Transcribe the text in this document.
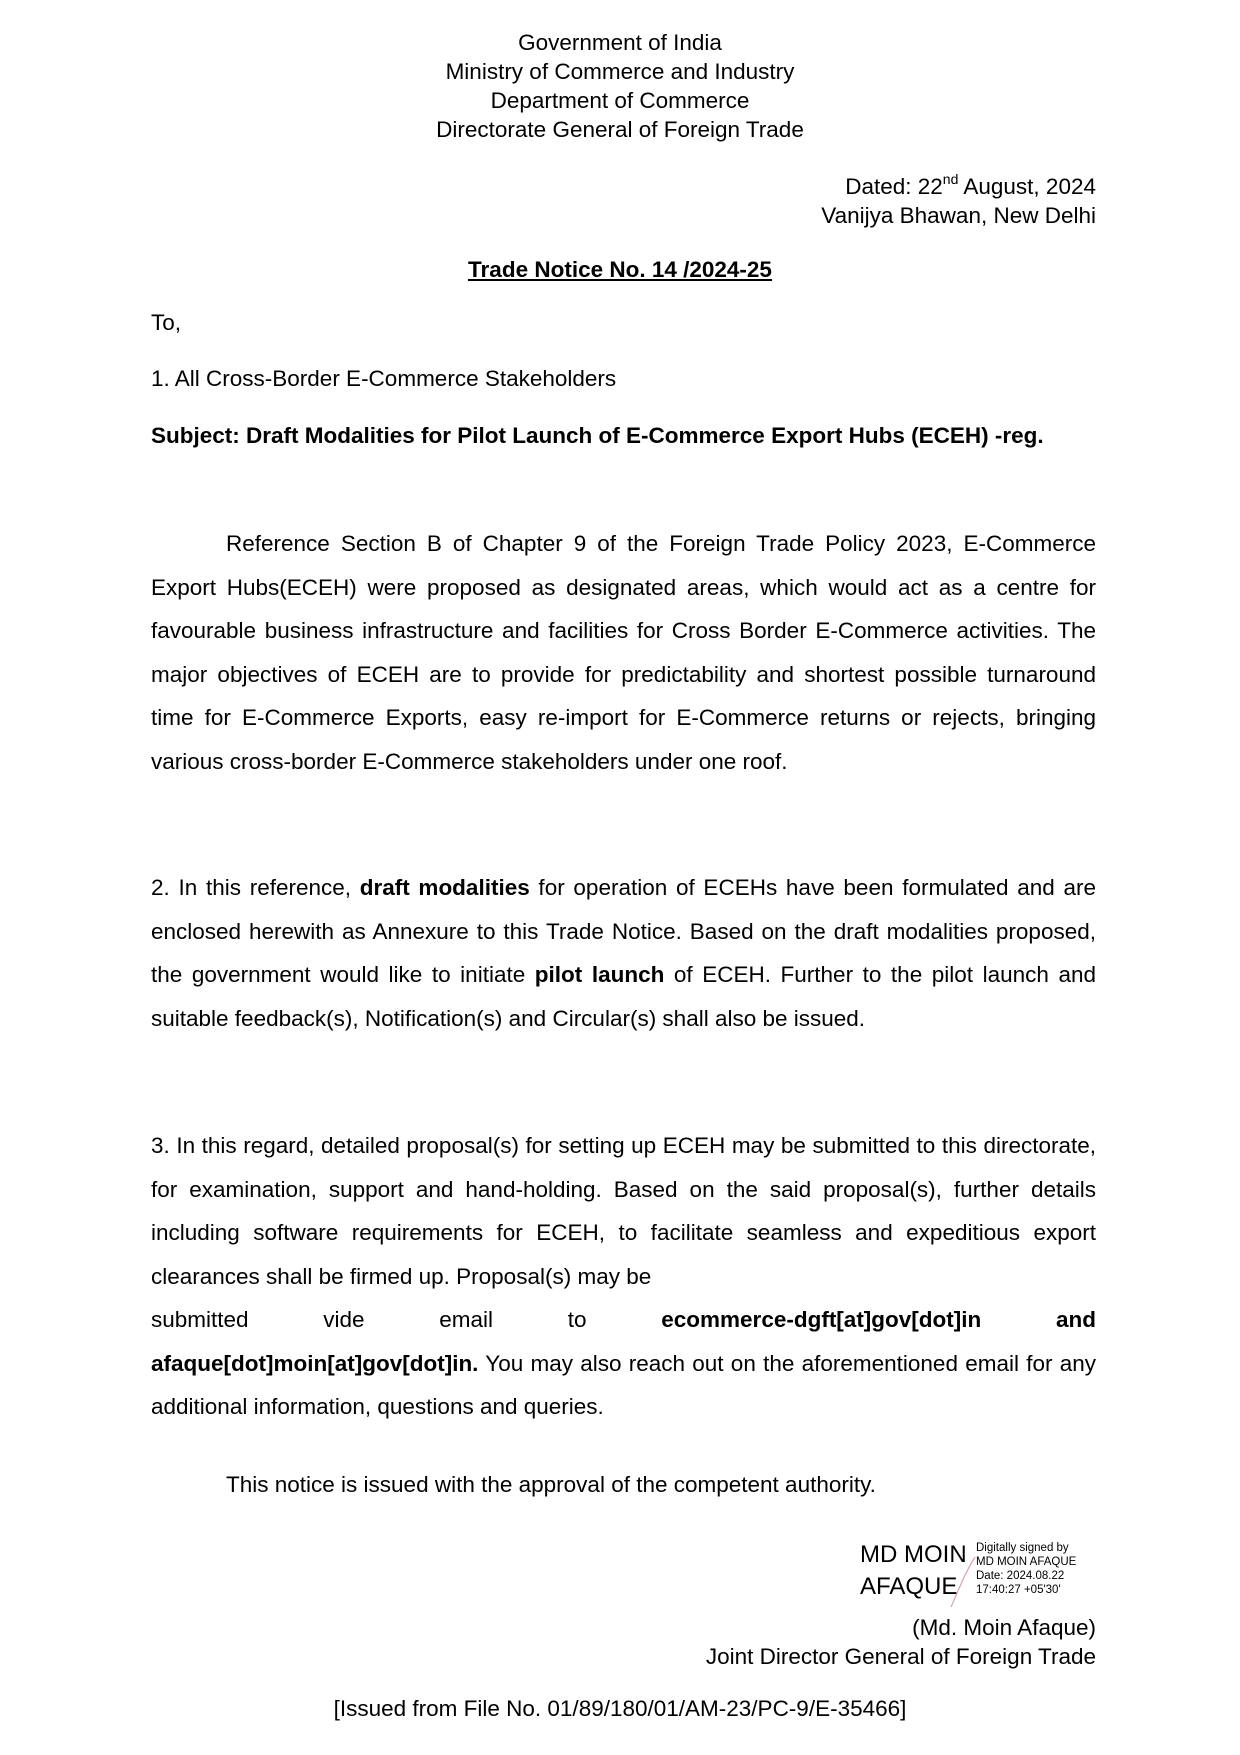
Government of India
Ministry of Commerce and Industry
Department of Commerce
Directorate General of Foreign Trade
Dated: 22nd August, 2024
Vanijya Bhawan, New Delhi
Trade Notice No. 14 /2024-25
To,
1. All Cross-Border E-Commerce Stakeholders
Subject: Draft Modalities for Pilot Launch of E-Commerce Export Hubs (ECEH) -reg.
Reference Section B of Chapter 9 of the Foreign Trade Policy 2023, E-Commerce Export Hubs(ECEH) were proposed as designated areas, which would act as a centre for favourable business infrastructure and facilities for Cross Border E-Commerce activities. The major objectives of ECEH are to provide for predictability and shortest possible turnaround time for E-Commerce Exports, easy re-import for E-Commerce returns or rejects, bringing various cross-border E-Commerce stakeholders under one roof.
2. In this reference, draft modalities for operation of ECEHs have been formulated and are enclosed herewith as Annexure to this Trade Notice. Based on the draft modalities proposed, the government would like to initiate pilot launch of ECEH. Further to the pilot launch and suitable feedback(s), Notification(s) and Circular(s) shall also be issued.
3. In this regard, detailed proposal(s) for setting up ECEH may be submitted to this directorate, for examination, support and hand-holding. Based on the said proposal(s), further details including software requirements for ECEH, to facilitate seamless and expeditious export clearances shall be firmed up. Proposal(s) may be
submitted	vide	email	to	ecommerce-dgft[at]gov[dot]in	and
afaque[dot]moin[at]gov[dot]in. You may also reach out on the aforementioned email for any additional information, questions and queries.
This notice is issued with the approval of the competent authority.
MD MOIN
AFAQUE
Digitally signed by
MD MOIN AFAQUE
Date: 2024.08.22
17:40:27 +05'30'
(Md. Moin Afaque)
Joint Director General of Foreign Trade
[Issued from File No. 01/89/180/01/AM-23/PC-9/E-35466]
